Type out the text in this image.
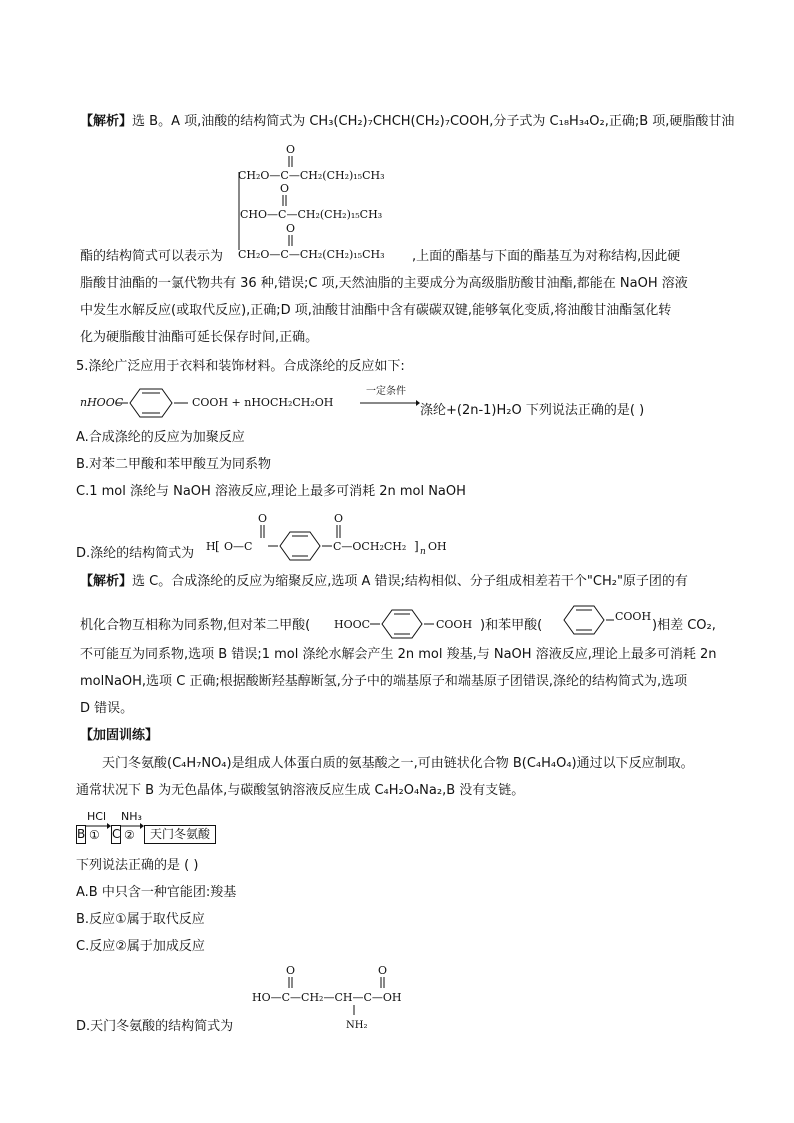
【解析】选 B。A 项,油酸的结构简式为 CH₃(CH₂)₇CHCH(CH₂)₇COOH,分子式为 C₁₈H₃₄O₂,正确;B 项,硬脂酸甘油
O
CH₂O—C—CH₂(CH₂)₁₅CH₃
O
CHO—C—CH₂(CH₂)₁₅CH₃
O
CH₂O—C—CH₂(CH₂)₁₅CH₃
酯的结构简式可以表示为	,上面的酯基与下面的酯基互为对称结构,因此硬
脂酸甘油酯的一氯代物共有 36 种,错误;C 项,天然油脂的主要成分为高级脂肪酸甘油酯,都能在 NaOH 溶液
中发生水解反应(或取代反应),正确;D 项,油酸甘油酯中含有碳碳双键,能够氧化变质,将油酸甘油酯氢化转
化为硬脂酸甘油酯可延长保存时间,正确。
5.涤纶广泛应用于衣料和装饰材料。合成涤纶的反应如下:
nHOOC	COOH + nHOCH₂CH₂OH
一定条件
涤纶+(2n-1)H₂O 下列说法正确的是( )
A.合成涤纶的反应为加聚反应
B.对苯二甲酸和苯甲酸互为同系物
C.1 mol 涤纶与 NaOH 溶液反应,理论上最多可消耗 2n mol NaOH
D.涤纶的结构简式为 H [ O—C
O
C—OCH₂CH₂
O
] n OH
【解析】选 C。合成涤纶的反应为缩聚反应,选项 A 错误;结构相似、分子组成相差若干个"CH₂"原子团的有
机化合物互相称为同系物,但对苯二甲酸( HOOC	COOH )和苯甲酸(
COOH
)相差 CO₂,
不可能互为同系物,选项 B 错误;1 mol 涤纶水解会产生 2n mol 羧基,与 NaOH 溶液反应,理论上最多可消耗 2n
molNaOH,选项 C 正确;根据酸断羟基醇断氢,分子中的端基原子和端基原子团错误,涤纶的结构简式为,选项
D 错误。
【加固训练】
天门冬氨酸(C₄H₇NO₄)是组成人体蛋白质的氨基酸之一,可由链状化合物 B(C₄H₄O₄)通过以下反应制取。
通常状况下 B 为无色晶体,与碳酸氢钠溶液反应生成 C₄H₂O₄Na₂,B 没有支链。
B
HCl
① C
NH₃
②	天门冬氨酸
下列说法正确的是 ( )
A.B 中只含一种官能团:羧基
B.反应①属于取代反应
C.反应②属于加成反应
O	O
HO—C—CH₂—CH—C—OH
NH₂
D.天门冬氨酸的结构简式为
